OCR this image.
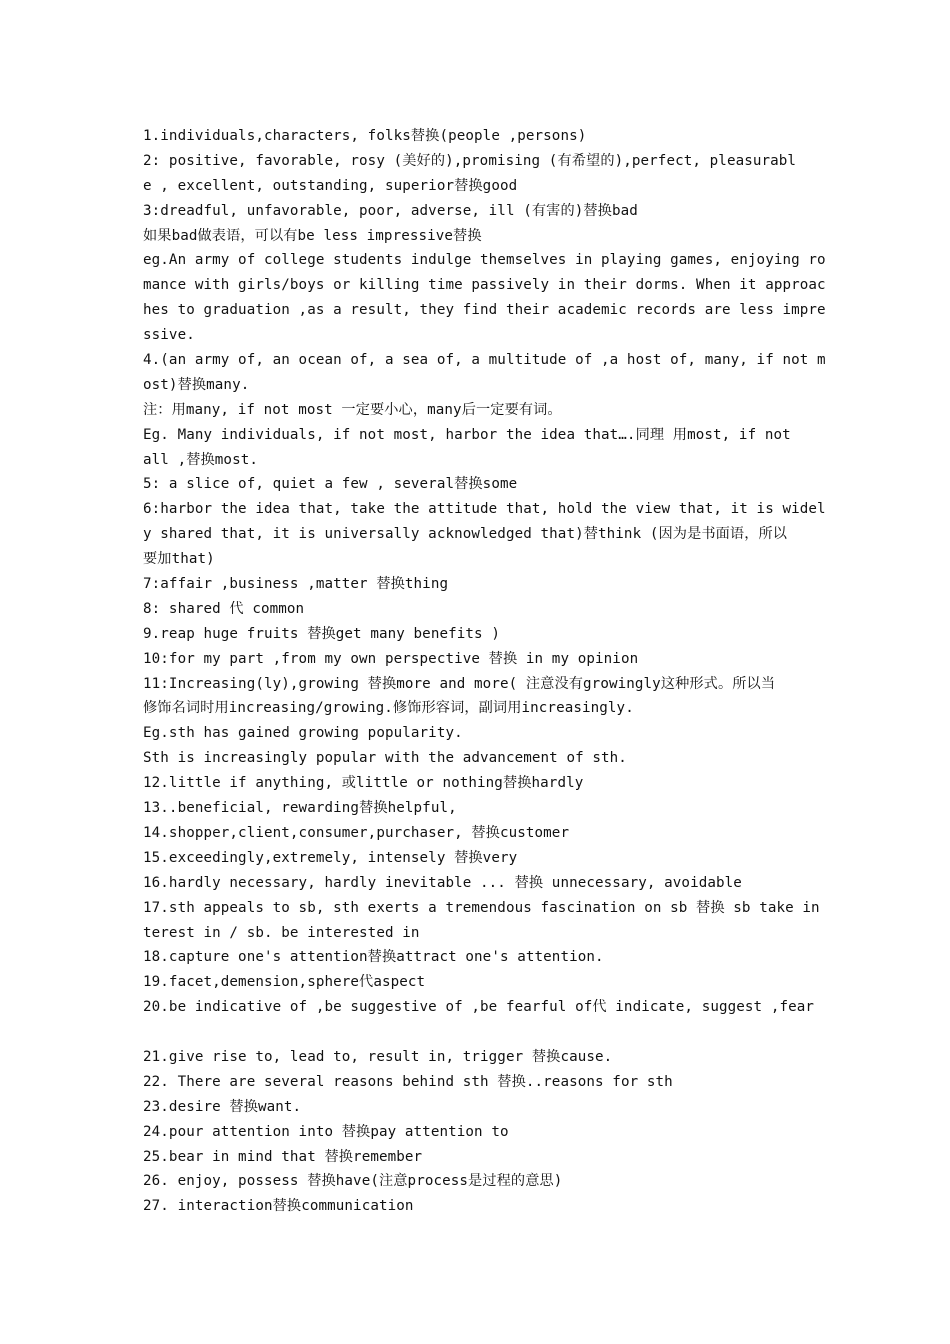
1.individuals,characters, folks替换(people ,persons)
2: positive, favorable, rosy (美好的),promising (有希望的),perfect, pleasurabl
e , excellent, outstanding, superior替换good
3:dreadful, unfavorable, poor, adverse, ill (有害的)替换bad
如果bad做表语，可以有be less impressive替换
eg.An army of college students indulge themselves in playing games, enjoying ro
mance with girls/boys or killing time passively in their dorms. When it approac
hes to graduation ,as a result, they find their academic records are less impre
ssive.
4.(an army of, an ocean of, a sea of, a multitude of ,a host of, many, if not m
ost)替换many.
注：用many, if not most 一定要小心，many后一定要有词。
Eg. Many individuals, if not most, harbor the idea that….同理 用most, if not
all ,替换most.
5: a slice of, quiet a few , several替换some
6:harbor the idea that, take the attitude that, hold the view that, it is widel
y shared that, it is universally acknowledged that)替think (因为是书面语，所以
要加that)
7:affair ,business ,matter 替换thing
8: shared 代 common
9.reap huge fruits 替换get many benefits )
10:for my part ,from my own perspective 替换 in my opinion
11:Increasing(ly),growing 替换more and more( 注意没有growingly这种形式。所以当
修饰名词时用increasing/growing.修饰形容词，副词用increasingly.
Eg.sth has gained growing popularity.
Sth is increasingly popular with the advancement of sth.
12.little if anything, 或little or nothing替换hardly
13..beneficial, rewarding替换helpful,
14.shopper,client,consumer,purchaser, 替换customer
15.exceedingly,extremely, intensely 替换very
16.hardly necessary, hardly inevitable ... 替换 unnecessary, avoidable
17.sth appeals to sb, sth exerts a tremendous fascination on sb 替换 sb take in
terest in / sb. be interested in
18.capture one's attention替换attract one's attention.
19.facet,demension,sphere代aspect
20.be indicative of ,be suggestive of ,be fearful of代 indicate, suggest ,fear
21.give rise to, lead to, result in, trigger 替换cause.
22. There are several reasons behind sth 替换..reasons for sth
23.desire 替换want.
24.pour attention into 替换pay attention to
25.bear in mind that 替换remember
26. enjoy, possess 替换have(注意process是过程的意思)
27. interaction替换communication
